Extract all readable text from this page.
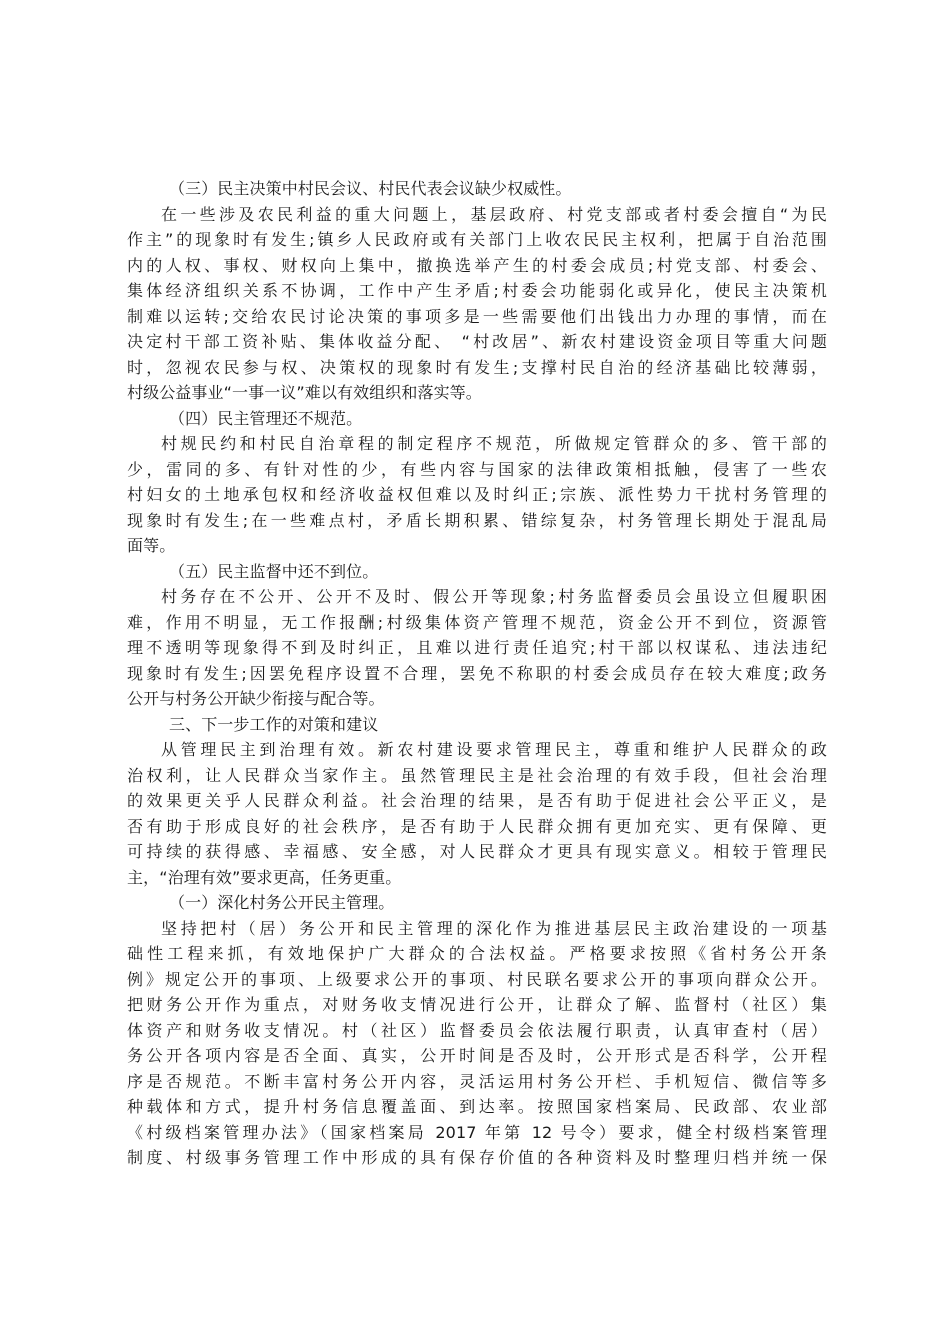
（三）民主决策中村民会议、村民代表会议缺少权威性。
在一些涉及农民利益的重大问题上，基层政府、村党支部或者村委会擅自“为民
作主”的现象时有发生;镇乡人民政府或有关部门上收农民民主权利，把属于自治范围
内的人权、事权、财权向上集中，撤换选举产生的村委会成员;村党支部、村委会、
集体经济组织关系不协调，工作中产生矛盾;村委会功能弱化或异化，使民主决策机
制难以运转;交给农民讨论决策的事项多是一些需要他们出钱出力办理的事情，而在
决定村干部工资补贴、集体收益分配、 “村改居”、新农村建设资金项目等重大问题
时，忽视农民参与权、决策权的现象时有发生;支撑村民自治的经济基础比较薄弱，
村级公益事业“一事一议”难以有效组织和落实等。
（四）民主管理还不规范。
村规民约和村民自治章程的制定程序不规范，所做规定管群众的多、管干部的
少，雷同的多、有针对性的少，有些内容与国家的法律政策相抵触，侵害了一些农
村妇女的土地承包权和经济收益权但难以及时纠正;宗族、派性势力干扰村务管理的
现象时有发生;在一些难点村，矛盾长期积累、错综复杂，村务管理长期处于混乱局
面等。
（五）民主监督中还不到位。
村务存在不公开、公开不及时、假公开等现象;村务监督委员会虽设立但履职困
难，作用不明显，无工作报酬;村级集体资产管理不规范，资金公开不到位，资源管
理不透明等现象得不到及时纠正，且难以进行责任追究;村干部以权谋私、违法违纪
现象时有发生;因罢免程序设置不合理，罢免不称职的村委会成员存在较大难度;政务
公开与村务公开缺少衔接与配合等。
三、下一步工作的对策和建议
从管理民主到治理有效。新农村建设要求管理民主，尊重和维护人民群众的政
治权利，让人民群众当家作主。虽然管理民主是社会治理的有效手段，但社会治理
的效果更关乎人民群众利益。社会治理的结果，是否有助于促进社会公平正义，是
否有助于形成良好的社会秩序，是否有助于人民群众拥有更加充实、更有保障、更
可持续的获得感、幸福感、安全感，对人民群众才更具有现实意义。相较于管理民
主，“治理有效”要求更高，任务更重。
（一）深化村务公开民主管理。
坚持把村（居）务公开和民主管理的深化作为推进基层民主政治建设的一项基
础性工程来抓，有效地保护广大群众的合法权益。严格要求按照《省村务公开条
例》规定公开的事项、上级要求公开的事项、村民联名要求公开的事项向群众公开。
把财务公开作为重点，对财务收支情况进行公开，让群众了解、监督村（社区）集
体资产和财务收支情况。村（社区）监督委员会依法履行职责，认真审查村（居）
务公开各项内容是否全面、真实，公开时间是否及时，公开形式是否科学，公开程
序是否规范。不断丰富村务公开内容，灵活运用村务公开栏、手机短信、微信等多
种载体和方式，提升村务信息覆盖面、到达率。按照国家档案局、民政部、农业部
《村级档案管理办法》（国家档案局 2017 年第 12 号令）要求，健全村级档案管理
制度、村级事务管理工作中形成的具有保存价值的各种资料及时整理归档并统一保
